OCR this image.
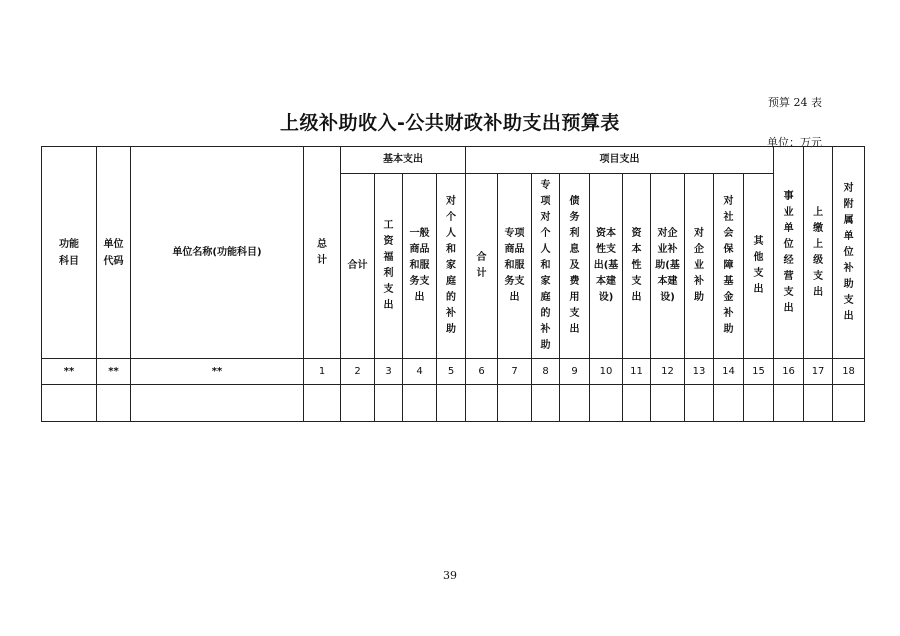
预算 24 表
上级补助收入-公共财政补助支出预算表
单位：万元
功能科目	单位代码	单位名称(功能科目)	总计	基本支出				项目支出										事业单位经营支出	上缴上级支出	对附属单位补助支出
				合计	工资福利支出	一般商品和服务支出	对个人和家庭的补助	合计	专项商品和服务支出	专项对个人和家庭的补助	债务利息及费用支出	资本性支出(基本建设)	资本性支出	对企业补助(基本建设)	对企业补助	对社会保障基金补助	其他支出			
**	**	**	1	2	3	4	5	6	7	8	9	10	11	12	13	14	15	16	17	18

39
